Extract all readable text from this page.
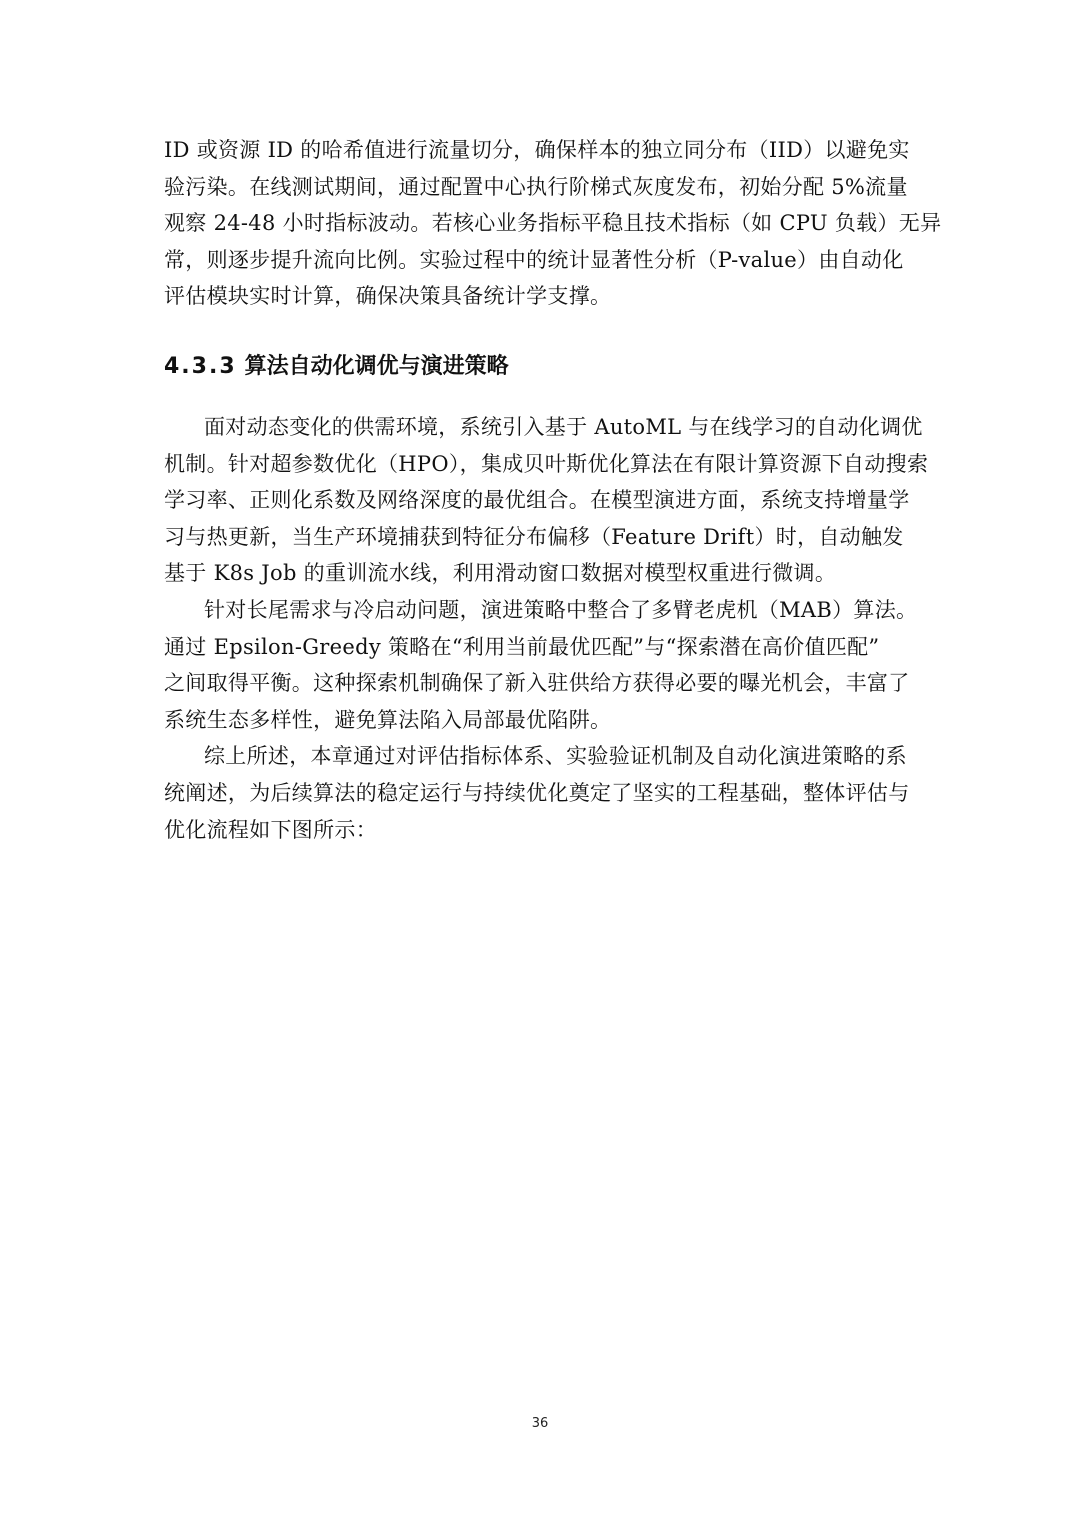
ID 或资源 ID 的哈希值进行流量切分，确保样本的独立同分布（IID）以避免实
验污染。在线测试期间，通过配置中心执行阶梯式灰度发布，初始分配 5%流量
观察 24-48 小时指标波动。若核心业务指标平稳且技术指标（如 CPU 负载）无异
常，则逐步提升流向比例。实验过程中的统计显著性分析（P-value）由自动化
评估模块实时计算，确保决策具备统计学支撑。
4.3.3 算法自动化调优与演进策略
面对动态变化的供需环境，系统引入基于 AutoML 与在线学习的自动化调优
机制。针对超参数优化（HPO），集成贝叶斯优化算法在有限计算资源下自动搜索
学习率、正则化系数及网络深度的最优组合。在模型演进方面，系统支持增量学
习与热更新，当生产环境捕获到特征分布偏移（Feature Drift）时，自动触发
基于 K8s Job 的重训流水线，利用滑动窗口数据对模型权重进行微调。
针对长尾需求与冷启动问题，演进策略中整合了多臂老虎机（MAB）算法。
通过 Epsilon-Greedy 策略在“利用当前最优匹配”与“探索潜在高价值匹配”
之间取得平衡。这种探索机制确保了新入驻供给方获得必要的曝光机会，丰富了
系统生态多样性，避免算法陷入局部最优陷阱。
综上所述，本章通过对评估指标体系、实验验证机制及自动化演进策略的系
统阐述，为后续算法的稳定运行与持续优化奠定了坚实的工程基础，整体评估与
优化流程如下图所示：
36
